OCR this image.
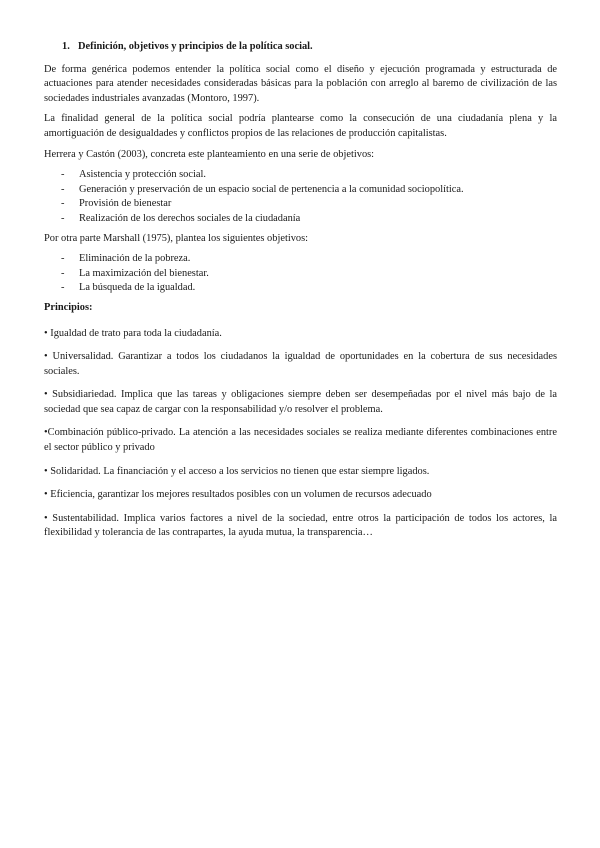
1. Definición, objetivos y principios de la política social.

De forma genérica podemos entender la política social como el diseño y ejecución programada y estructurada de actuaciones para atender necesidades consideradas básicas para la población con arreglo al baremo de civilización de las sociedades industriales avanzadas (Montoro, 1997).

La finalidad general de la política social podría plantearse como la consecución de una ciudadanía plena y la amortiguación de desigualdades y conflictos propios de las relaciones de producción capitalistas.

Herrera y Castón (2003), concreta este planteamiento en una serie de objetivos:

-	Asistencia y protección social.
-	Generación y preservación de un espacio social de pertenencia a la comunidad sociopolítica.
-	Provisión de bienestar
-	Realización de los derechos sociales de la ciudadanía

Por otra parte Marshall (1975), plantea los siguientes objetivos:

-	Eliminación de la pobreza.
-	La maximización del bienestar.
-	La búsqueda de la igualdad.
Principios:

• Igualdad de trato para toda la ciudadanía.

• Universalidad. Garantizar a todos los ciudadanos la igualdad de oportunidades en la cobertura de sus necesidades sociales.

• Subsidiariedad. Implica que las tareas y obligaciones siempre deben ser desempeñadas por el nivel más bajo de la sociedad que sea capaz de cargar con la responsabilidad y/o resolver el problema.

•Combinación público-privado. La atención a las necesidades sociales se realiza mediante diferentes combinaciones entre el sector público y privado

• Solidaridad. La financiación y el acceso a los servicios no tienen que estar siempre ligados.

• Eficiencia, garantizar los mejores resultados posibles con un volumen de recursos adecuado

• Sustentabilidad. Implica varios factores a nivel de la sociedad, entre otros la participación de todos los actores, la flexibilidad y tolerancia de las contrapartes, la ayuda mutua, la transparencia…
